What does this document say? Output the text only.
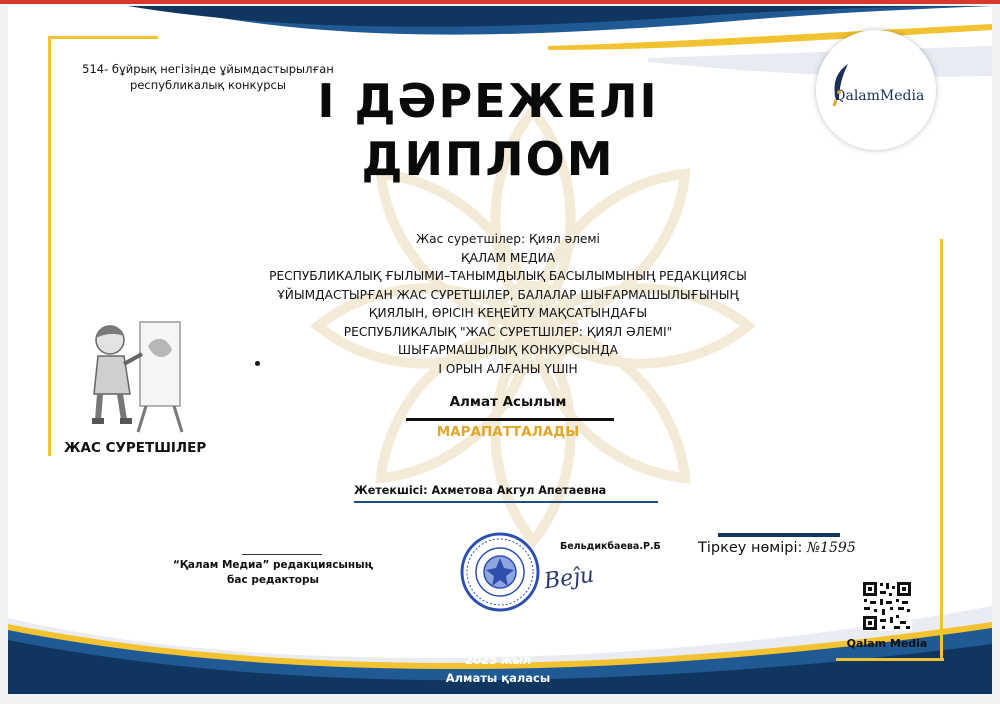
514- бұйрық негізінде ұйымдастырылған
республикалық конкурсы I ДӘРЕЖЕЛІ
ДИПЛОМ
QalamMedia
Жас суретшілер: Қиял әлемі
ҚАЛАМ МЕДИА
РЕСПУБЛИКАЛЫҚ ҒЫЛЫМИ–ТАНЫМДЫЛЫҚ БАСЫЛЫМЫНЫҢ РЕДАКЦИЯСЫ
ҰЙЫМДАСТЫРҒАН ЖАС СУРЕТШІЛЕР, БАЛАЛАР ШЫҒАРМАШЫЛЫҒЫНЫҢ
ҚИЯЛЫН, ӨРІСІН КЕҢЕЙТУ МАҚСАТЫНДАҒЫ
РЕСПУБЛИКАЛЫҚ "ЖАС СУРЕТШІЛЕР: ҚИЯЛ ӘЛЕМІ"
ШЫҒАРМАШЫЛЫҚ КОНКУРСЫНДА
I ОРЫН АЛҒАНЫ ҮШІН
ЖАС СУРЕТШІЛЕР
Алмат Асылым
МАРАПАТТАЛАДЫ
Жетекшісі: Ахметова Акгул Апетаевна
“Қалам Медиа” редакциясының
бас редакторы
Бельдикбаева.Р.Б
Beĵu
Тіркеу нөмірі: №1595
Qalam Media
2025 жыл
Алматы қаласы
